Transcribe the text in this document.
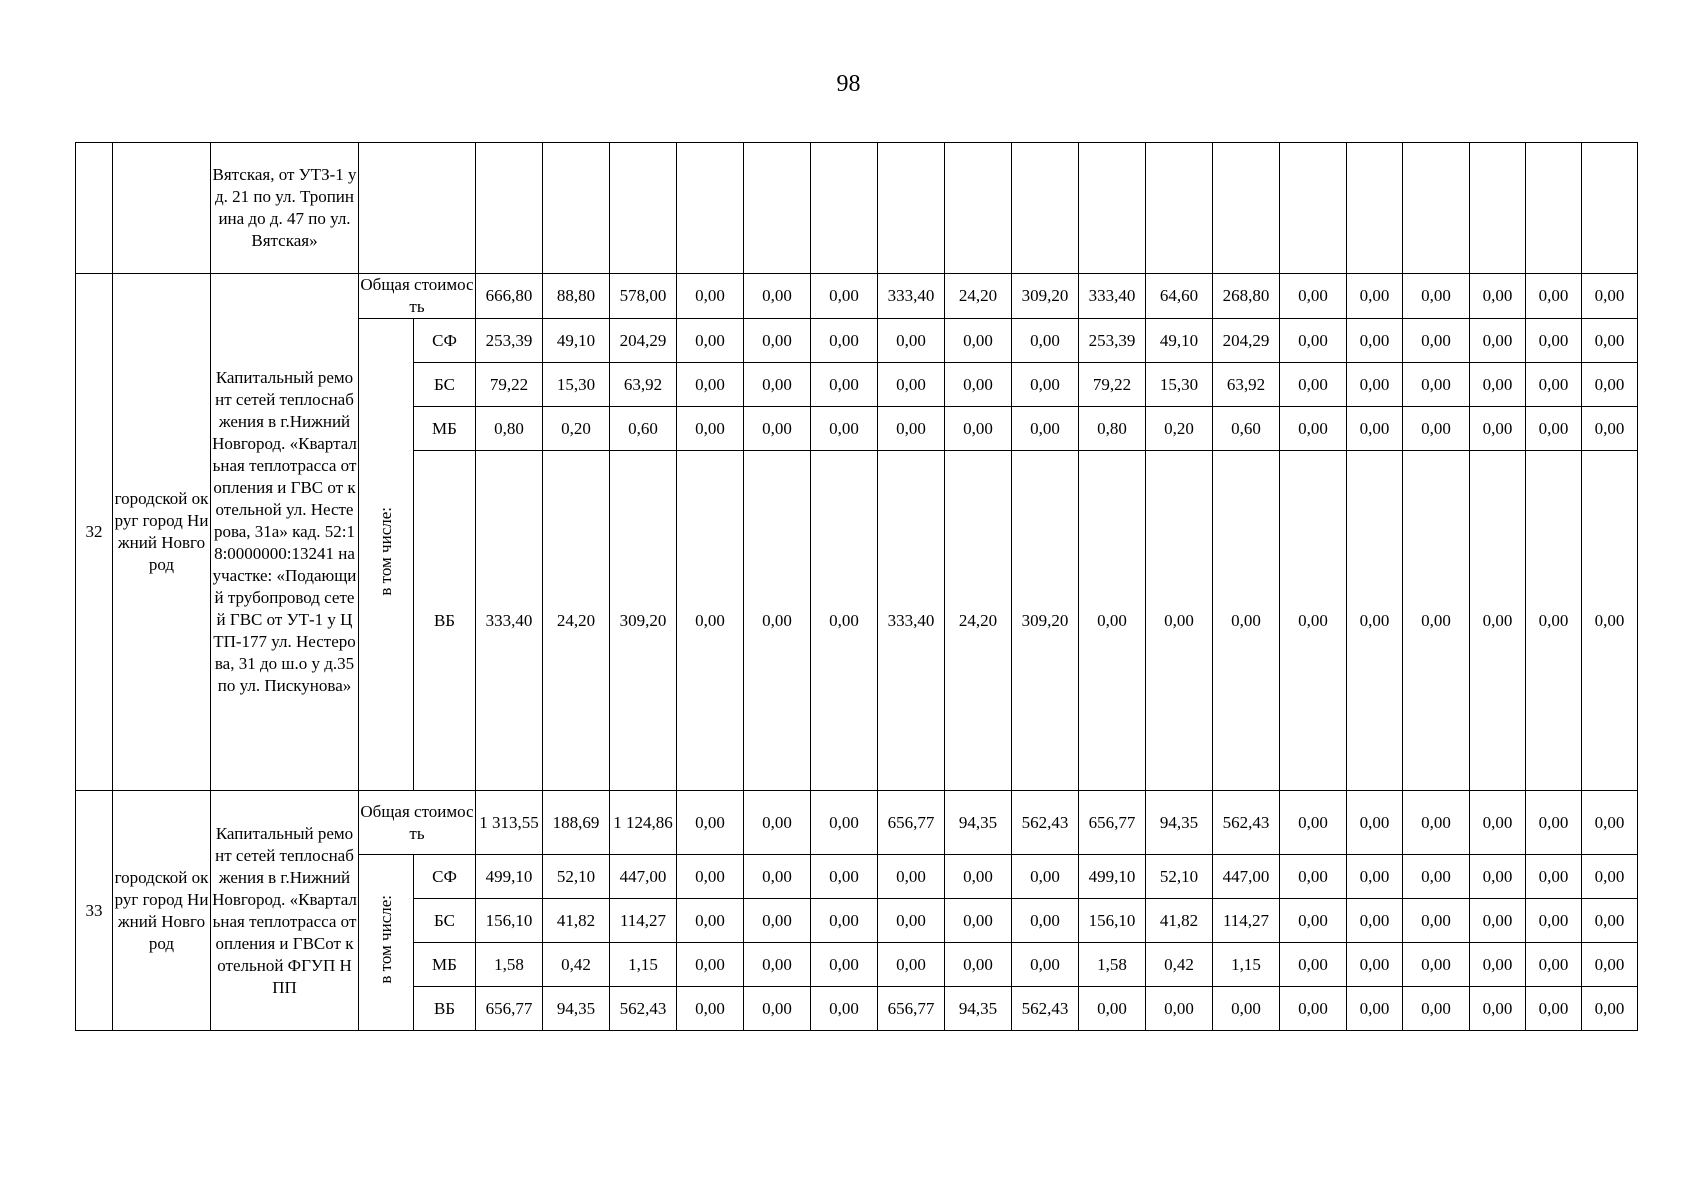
98
		Вятская, от УТЗ-1 у д. 21 по ул. Тропинина до д. 47 по ул. Вятская»																				
32	городской округ город Нижний Новгород	Капитальный ремонт сетей теплоснабжения в г.Нижний Новгород. «Квартальная теплотрасса отопления и ГВС от котельной ул. Нестерова, 31а» кад. 52:18:0000000:13241 на участке: «Подающий трубопровод сетей ГВС от УТ-1 у ЦТП-177 ул. Нестерова, 31 до ш.о у д.35 по ул. Пискунова»	Общая стоимость		666,80	88,80	578,00	0,00	0,00	0,00	333,40	24,20	309,20	333,40	64,60	268,80	0,00	0,00	0,00	0,00	0,00	0,00
			в том числе:	СФ	253,39	49,10	204,29	0,00	0,00	0,00	0,00	0,00	0,00	253,39	49,10	204,29	0,00	0,00	0,00	0,00	0,00	0,00
				БС	79,22	15,30	63,92	0,00	0,00	0,00	0,00	0,00	0,00	79,22	15,30	63,92	0,00	0,00	0,00	0,00	0,00	0,00
				МБ	0,80	0,20	0,60	0,00	0,00	0,00	0,00	0,00	0,00	0,80	0,20	0,60	0,00	0,00	0,00	0,00	0,00	0,00
				ВБ	333,40	24,20	309,20	0,00	0,00	0,00	333,40	24,20	309,20	0,00	0,00	0,00	0,00	0,00	0,00	0,00	0,00	0,00
33	городской округ город Нижний Новгород	Капитальный ремонт сетей теплоснабжения в г.Нижний Новгород. «Квартальная теплотрасса отопления и ГВСот котельной ФГУП НПП	Общая стоимость		1 313,55	188,69	1 124,86	0,00	0,00	0,00	656,77	94,35	562,43	656,77	94,35	562,43	0,00	0,00	0,00	0,00	0,00	0,00
			в том числе:	СФ	499,10	52,10	447,00	0,00	0,00	0,00	0,00	0,00	0,00	499,10	52,10	447,00	0,00	0,00	0,00	0,00	0,00	0,00
				БС	156,10	41,82	114,27	0,00	0,00	0,00	0,00	0,00	0,00	156,10	41,82	114,27	0,00	0,00	0,00	0,00	0,00	0,00
				МБ	1,58	0,42	1,15	0,00	0,00	0,00	0,00	0,00	0,00	1,58	0,42	1,15	0,00	0,00	0,00	0,00	0,00	0,00
				ВБ	656,77	94,35	562,43	0,00	0,00	0,00	656,77	94,35	562,43	0,00	0,00	0,00	0,00	0,00	0,00	0,00	0,00	0,00
